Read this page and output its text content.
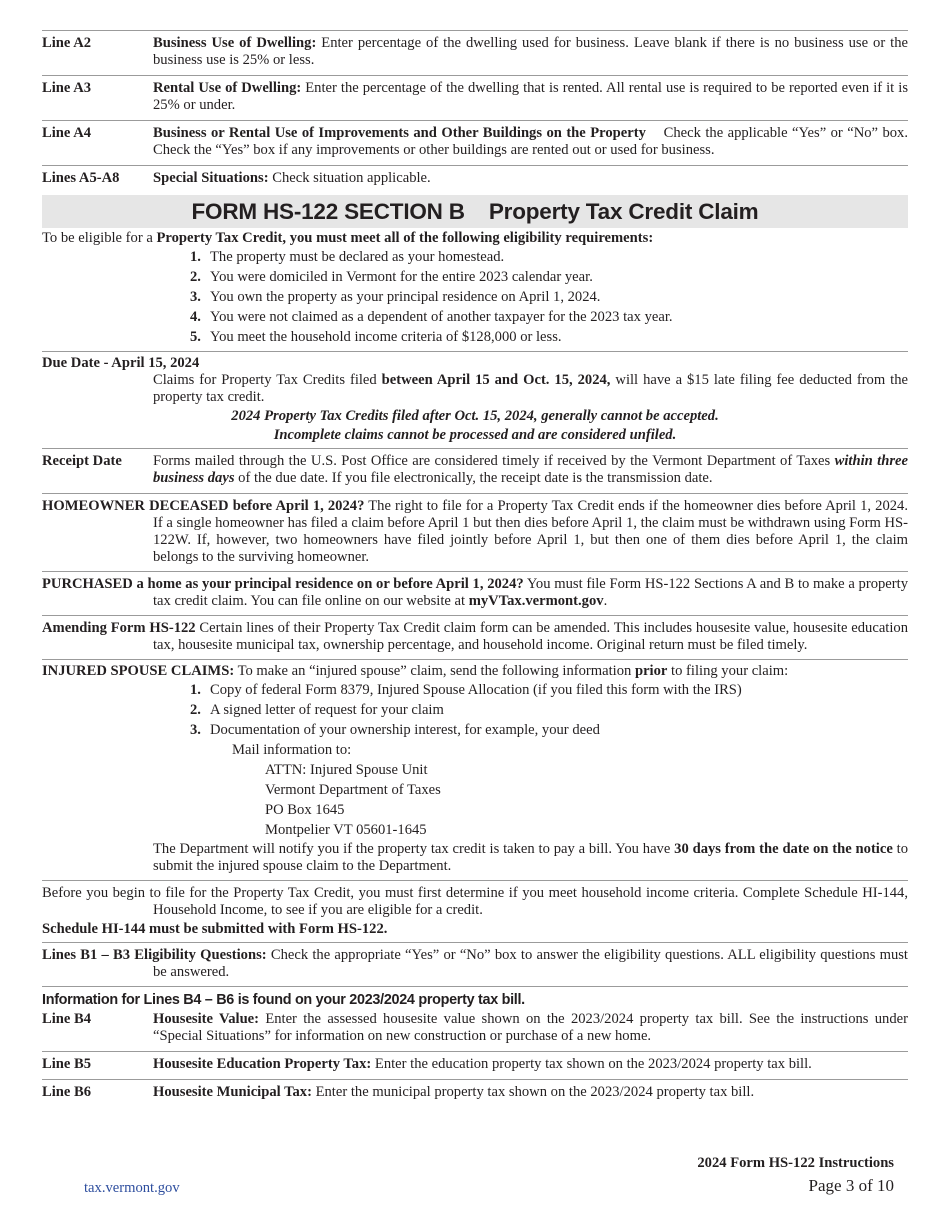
Line A2	Business Use of Dwelling: Enter percentage of the dwelling used for business. Leave blank if there is no business use or the business use is 25% or less.
Line A3	Rental Use of Dwelling: Enter the percentage of the dwelling that is rented. All rental use is required to be reported even if it is 25% or under.
Line A4	Business or Rental Use of Improvements and Other Buildings on the Property    Check the applicable “Yes” or “No” box.  Check the “Yes” box if any improvements or other buildings are rented out or used for business.
Lines A5-A8	Special Situations: Check situation applicable.
FORM HS-122 SECTION B Property Tax Credit Claim
To be eligible for a Property Tax Credit, you must meet all of the following eligibility requirements:
1. The property must be declared as your homestead.
2. You were domiciled in Vermont for the entire 2023 calendar year.
3. You own the property as your principal residence on April 1, 2024.
4. You were not claimed as a dependent of another taxpayer for the 2023 tax year.
5. You meet the household income criteria of $128,000 or less.
Due Date - April 15, 2024
Claims for Property Tax Credits filed between April 15 and Oct. 15, 2024, will have a $15 late filing fee deducted from the property tax credit.
2024 Property Tax Credits filed after Oct. 15, 2024, generally cannot be accepted.
Incomplete claims cannot be processed and are considered unfiled.
Receipt Date	Forms mailed through the U.S. Post Office are considered timely if received by the Vermont Department of Taxes within three business days of the due date. If you file electronically, the receipt date is the transmission date.
HOMEOWNER DECEASED before April 1, 2024? The right to file for a Property Tax Credit ends if the homeowner dies before April 1, 2024. If a single homeowner has filed a claim before April 1 but then dies before April 1, the claim must be withdrawn using Form HS-122W. If, however, two homeowners have filed jointly before April 1, but then one of them dies before April 1, the claim belongs to the surviving homeowner.
PURCHASED a home as your principal residence on or before April 1, 2024? You must file Form HS-122 Sections A and B to make a property tax credit claim. You can file online on our website at myVTax.vermont.gov.
Amending Form HS-122 Certain lines of their Property Tax Credit claim form can be amended. This includes housesite value, housesite education tax, housesite municipal tax, ownership percentage, and household income. Original return must be filed timely.
INJURED SPOUSE CLAIMS: To make an “injured spouse” claim, send the following information prior to filing your claim:
1. Copy of federal Form 8379, Injured Spouse Allocation (if you filed this form with the IRS)
2. A signed letter of request for your claim
3. Documentation of your ownership interest, for example, your deed
Mail information to:
ATTN: Injured Spouse Unit
Vermont Department of Taxes
PO Box 1645
Montpelier VT 05601-1645
The Department will notify you if the property tax credit is taken to pay a bill. You have 30 days from the date on the notice to submit the injured spouse claim to the Department.
Before you begin to file for the Property Tax Credit, you must first determine if you meet household income criteria. Complete Schedule HI-144, Household Income, to see if you are eligible for a credit.
Schedule HI-144 must be submitted with Form HS-122.
Lines B1 – B3 Eligibility Questions: Check the appropriate “Yes” or “No” box to answer the eligibility questions. ALL eligibility questions must be answered.
Information for Lines B4 – B6 is found on your 2023/2024 property tax bill.
Line B4	Housesite Value: Enter the assessed housesite value shown on the 2023/2024 property tax bill. See the instructions under “Special Situations” for information on new construction or purchase of a new home.
Line B5	Housesite Education Property Tax: Enter the education property tax shown on the 2023/2024 property tax bill.
Line B6	Housesite Municipal Tax: Enter the municipal property tax shown on the 2023/2024 property tax bill.
2024 Form HS-122 Instructions
Page 3 of 10
tax.vermont.gov
